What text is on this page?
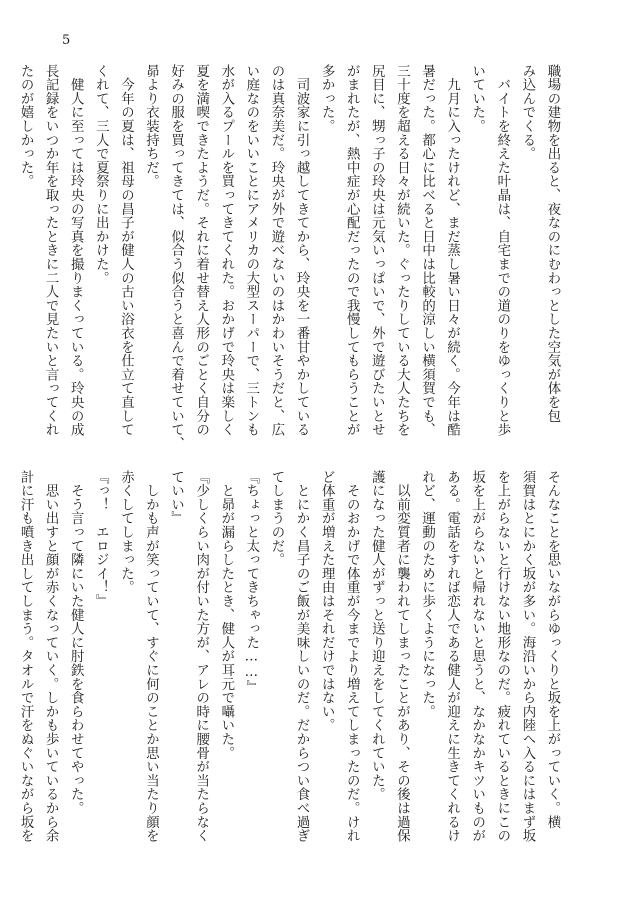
5
職場の建物を出ると、夜なのにむわっとした空気が体を包
み込んでくる。
　バイトを終えた叶晶は、自宅までの道のりをゆっくりと歩
いていた。
　九月に入ったけれど、まだ蒸し暑い日々が続く。今年は酷
暑だった。都心に比べると日中は比較的涼しい横須賀でも、
三十度を超える日々が続いた。ぐったりしている大人たちを
尻目に、甥っ子の玲央は元気いっぱいで、外で遊びたいとせ
がまれたが、熱中症が心配だったので我慢してもらうことが
多かった。
　司波家に引っ越してきてから、玲央を一番甘やかしている
のは真奈美だ。玲央が外で遊べないのはかわいそうだと、広
い庭なのをいいことにアメリカの大型スーパーで、三トンも
水が入るプールを買ってきてくれた。おかげで玲央は楽しく
夏を満喫できたようだ。それに着せ替え人形のごとく自分の
好みの服を買ってきては、似合う似合うと喜んで着せていて、
昴より衣装持ちだ。
　今年の夏は、祖母の昌子が健人の古い浴衣を仕立て直して
くれて、三人で夏祭りに出かけた。
　健人に至っては玲央の写真を撮りまくっている。玲央の成
長記録をいつか年を取ったときに二人で見たいと言ってくれ
たのが嬉しかった。
そんなことを思いながらゆっくりと坂を上がっていく。横
須賀はとにかく坂が多い。海沿いから内陸へ入るにはまず坂
を上がらないと行けない地形なのだ。疲れているときにこの
坂を上がらないと帰れないと思うと、なかなかキツいものが
ある。電話をすれば恋人である健人が迎えに生きてくれるけ
れど、運動のために歩くようになった。
　以前変質者に襲われてしまったことがあり、その後は過保
護になった健人がずっと送り迎えをしてくれていた。
　そのおかげで体重が今までより増えてしまったのだ。けれ
ど体重が増えた理由はそれだけではない。
　とにかく昌子のご飯が美味しいのだ。だからつい食べ過ぎ
てしまうのだ。
『ちょっと太ってきちゃった……』
　と昴が漏らしたとき、健人が耳元で囁いた。
『少しくらい肉が付いた方が、アレの時に腰骨が当たらなく
ていい』
　しかも声が笑っていて、すぐに何のことか思い当たり顔を
赤くしてしまった。
『っ！　エロジイ！』
　そう言って隣にいた健人に肘鉄を食らわせてやった。
　思い出すと顔が赤くなっていく。しかも歩いているから余
計に汗も噴き出してしまう。タオルで汗をぬぐいながら坂を
